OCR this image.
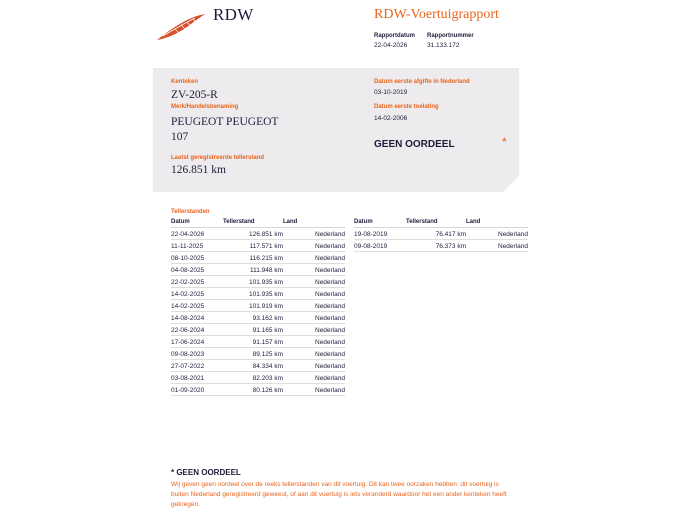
RDW	RDW-Voertuigrapport
Rapportdatum
22-04-2026
Rapportnummer
31.133.172
Kenteken
ZV-205-R
Merk/Handelsbenaming
PEUGEOT PEUGEOT
107
Laatst geregistreerde tellerstand
126.851 km
Datum eerste afgifte in Nederland
03-10-2019
Datum eerste toelating
14-02-2006
GEEN OORDEEL	*
Tellerstanden
Datum	Tellerstand	Land
22-04-2026	126.851 km	Nederland
11-11-2025	117.571 km	Nederland
08-10-2025	116.215 km	Nederland
04-08-2025	111.948 km	Nederland
22-02-2025	101.935 km	Nederland
14-02-2025	101.935 km	Nederland
14-02-2025	101.919 km	Nederland
14-08-2024	93.162 km	Nederland
22-06-2024	91.165 km	Nederland
17-06-2024	91.157 km	Nederland
09-08-2023	89.125 km	Nederland
27-07-2022	84.334 km	Nederland
03-08-2021	82.203 km	Nederland
01-09-2020	80.126 km	Nederland
Datum	Tellerstand	Land
19-08-2019	76.417 km	Nederland
09-08-2019	76.373 km	Nederland
* GEEN OORDEEL
Wij geven geen oordeel over de reeks tellerstanden van dit voertuig. Dit kan twee oorzaken hebben: dit voertuig is buiten Nederland geregistreerd geweest, of aan dit voertuig is iets veranderd waardoor het een ander kenteken heeft gekregen.
